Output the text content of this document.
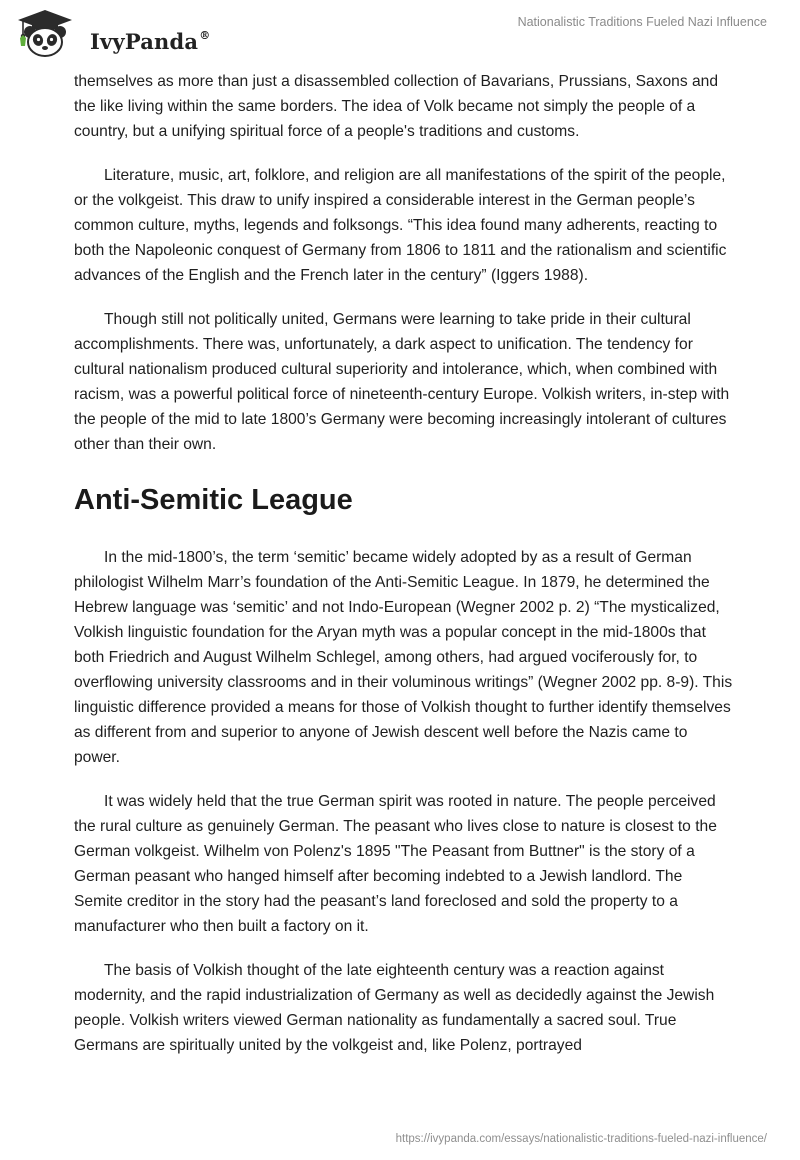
IvyPanda®
Nationalistic Traditions Fueled Nazi Influence

themselves as more than just a disassembled collection of Bavarians, Prussians, Saxons and the like living within the same borders. The idea of Volk became not simply the people of a country, but a unifying spiritual force of a people's traditions and customs.

Literature, music, art, folklore, and religion are all manifestations of the spirit of the people, or the volkgeist. This draw to unify inspired a considerable interest in the German people’s common culture, myths, legends and folksongs. “This idea found many adherents, reacting to both the Napoleonic conquest of Germany from 1806 to 1811 and the rationalism and scientific advances of the English and the French later in the century” (Iggers 1988).

Though still not politically united, Germans were learning to take pride in their cultural accomplishments. There was, unfortunately, a dark aspect to unification. The tendency for cultural nationalism produced cultural superiority and intolerance, which, when combined with racism, was a powerful political force of nineteenth-century Europe. Volkish writers, in-step with the people of the mid to late 1800’s Germany were becoming increasingly intolerant of cultures other than their own.

Anti-Semitic League

In the mid-1800’s, the term ‘semitic’ became widely adopted by as a result of German philologist Wilhelm Marr’s foundation of the Anti-Semitic League. In 1879, he determined the Hebrew language was ‘semitic’ and not Indo-European (Wegner 2002 p. 2) “The mysticalized, Volkish linguistic foundation for the Aryan myth was a popular concept in the mid-1800s that both Friedrich and August Wilhelm Schlegel, among others, had argued vociferously for, to overflowing university classrooms and in their voluminous writings” (Wegner 2002 pp. 8-9). This linguistic difference provided a means for those of Volkish thought to further identify themselves as different from and superior to anyone of Jewish descent well before the Nazis came to power.

It was widely held that the true German spirit was rooted in nature. The people perceived the rural culture as genuinely German. The peasant who lives close to nature is closest to the German volkgeist. Wilhelm von Polenz's 1895 "The Peasant from Buttner" is the story of a German peasant who hanged himself after becoming indebted to a Jewish landlord. The Semite creditor in the story had the peasant’s land foreclosed and sold the property to a manufacturer who then built a factory on it.

The basis of Volkish thought of the late eighteenth century was a reaction against modernity, and the rapid industrialization of Germany as well as decidedly against the Jewish people. Volkish writers viewed German nationality as fundamentally a sacred soul. True Germans are spiritually united by the volkgeist and, like Polenz, portrayed

https://ivypanda.com/essays/nationalistic-traditions-fueled-nazi-influence/
